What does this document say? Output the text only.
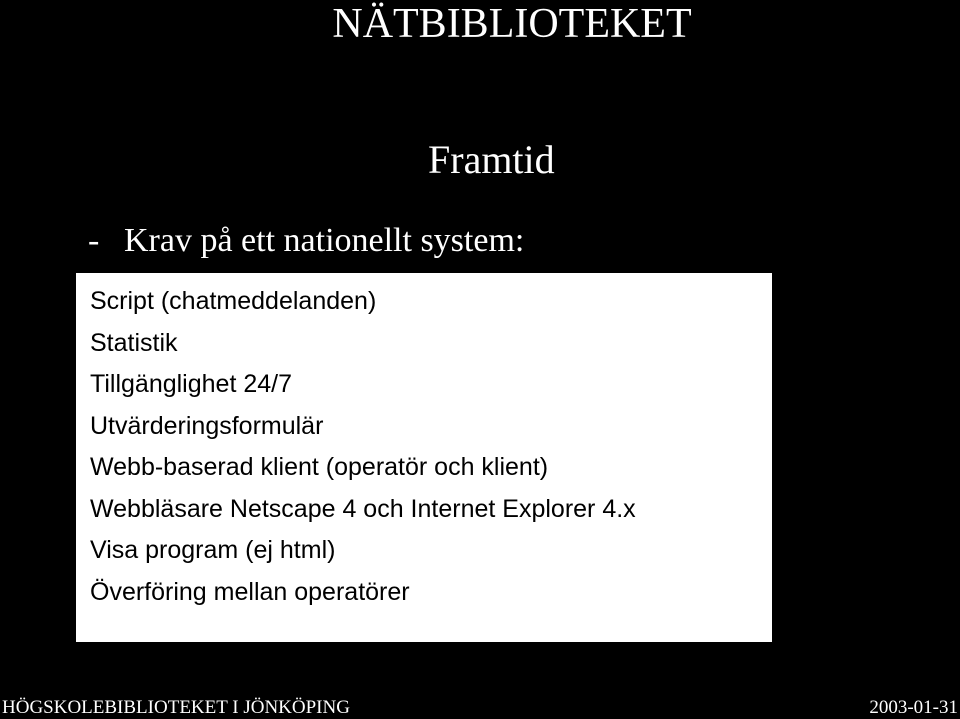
NÄTBIBLIOTEKET
Framtid
- Krav på ett nationellt system:
Script (chatmeddelanden)
Statistik
Tillgänglighet 24/7
Utvärderingsformulär
Webb-baserad klient (operatör och klient)
Webbläsare Netscape 4 och Internet Explorer 4.x
Visa program (ej html)
Överföring mellan operatörer
HÖGSKOLEBIBLIOTEKET I JÖNKÖPING	2003-01-31
